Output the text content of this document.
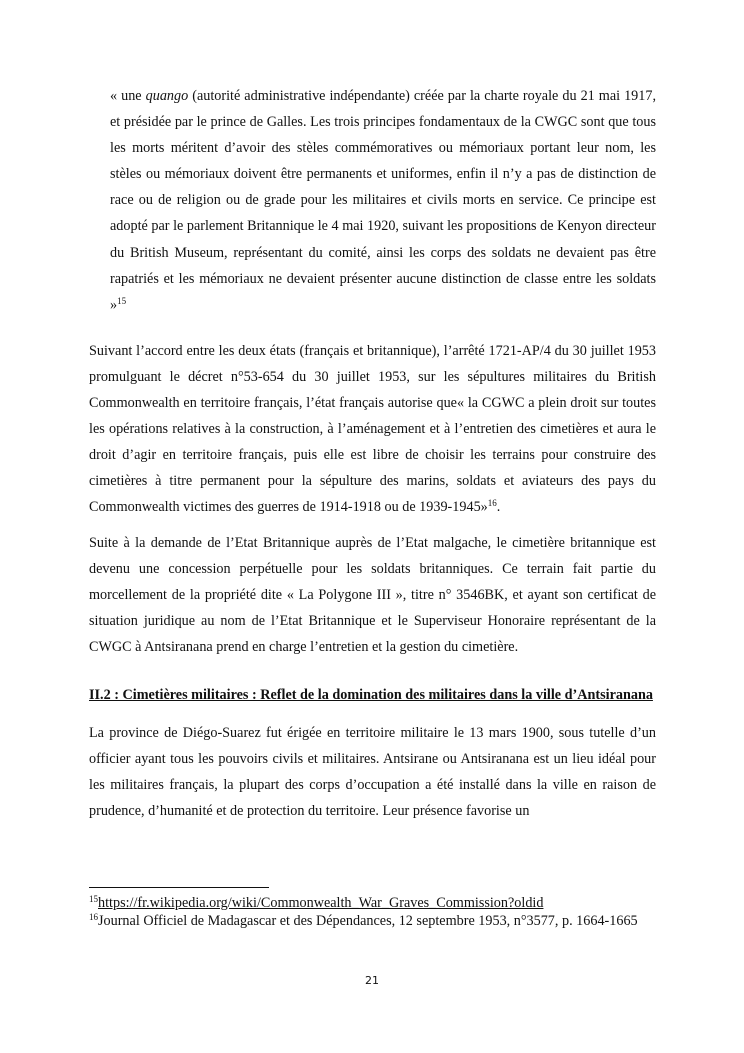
« une quango (autorité administrative indépendante) créée par la charte royale du 21 mai 1917, et présidée par le prince de Galles. Les trois principes fondamentaux de la CWGC sont que tous les morts méritent d’avoir des stèles commémoratives ou mémoriaux portant leur nom, les stèles ou mémoriaux doivent être permanents et uniformes, enfin il n’y a pas de distinction de race ou de religion ou de grade pour les militaires et civils morts en service. Ce principe est adopté par le parlement Britannique le 4 mai 1920, suivant les propositions de Kenyon directeur du British Museum, représentant du comité, ainsi les corps des soldats ne devaient pas être rapatriés et les mémoriaux ne devaient présenter aucune distinction de classe entre les soldats »$^{15}$

Suivant l’accord entre les deux états (français et britannique), l’arrêté 1721-AP/4 du 30 juillet 1953 promulguant le décret n°53-654 du 30 juillet 1953, sur les sépultures militaires du British Commonwealth en territoire français, l’état français autorise que« la CGWC a plein droit sur toutes les opérations relatives à la construction, à l’aménagement et à l’entretien des cimetières et aura le droit d’agir en territoire français, puis elle est libre de choisir les terrains pour construire des cimetières à titre permanent pour la sépulture des marins, soldats et aviateurs des pays du Commonwealth victimes des guerres de 1914-1918 ou de 1939-1945»$^{16}$.

Suite à la demande de l’Etat Britannique auprès de l’Etat malgache, le cimetière britannique est devenu une concession perpétuelle pour les soldats britanniques. Ce terrain fait partie du morcellement de la propriété dite « La Polygone III », titre n° 3546BK, et ayant son certificat de situation juridique au nom de l’Etat Britannique et le Superviseur Honoraire représentant de la CWGC à Antsiranana prend en charge l’entretien et la gestion du cimetière.

II.2 : Cimetières militaires : Reflet de la domination des militaires dans la ville d’Antsiranana

La province de Diégo-Suarez fut érigée en territoire militaire le 13 mars 1900, sous tutelle d’un officier ayant tous les pouvoirs civils et militaires. Antsirane ou Antsiranana est un lieu idéal pour les militaires français, la plupart des corps d’occupation a été installé dans la ville en raison de prudence, d’humanité et de protection du territoire. Leur présence favorise un

$^{15}$https://fr.wikipedia.org/wiki/Commonwealth_War_Graves_Commission?oldid
$^{16}$Journal Officiel de Madagascar et des Dépendances, 12 septembre 1953, n°3577, p. 1664-1665
21
